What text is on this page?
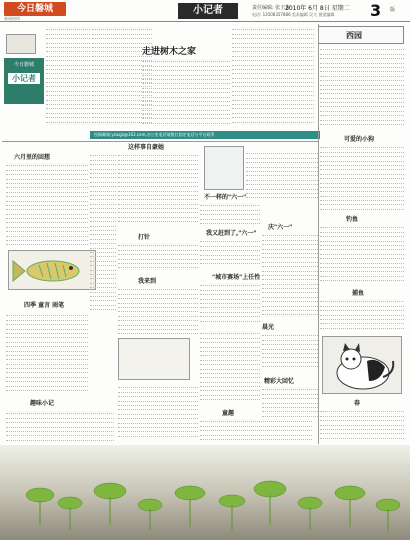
今日磐城
新闻热线
小记者	责任编辑: 张玉春
电话: 13508357886 美术编辑 吴大 视觉编辑
2010年 6月 8日 星期二 3 版
今日磐城
小记者
走进树木之家
西园
投稿邮箱:yzxqjz@163.com,办公室电话请拨打固定电话与平台联系
六月里的回想
四季 童言 雨笔
这样事自豪她
打针
我来到
趣味小记
不一样的"六一"
我又赶到了,"六一"
庆"六一"
"城市赛场"上任性
晨光
精彩大回忆
童趣
可爱的小狗
钓鱼
捕鱼
春
